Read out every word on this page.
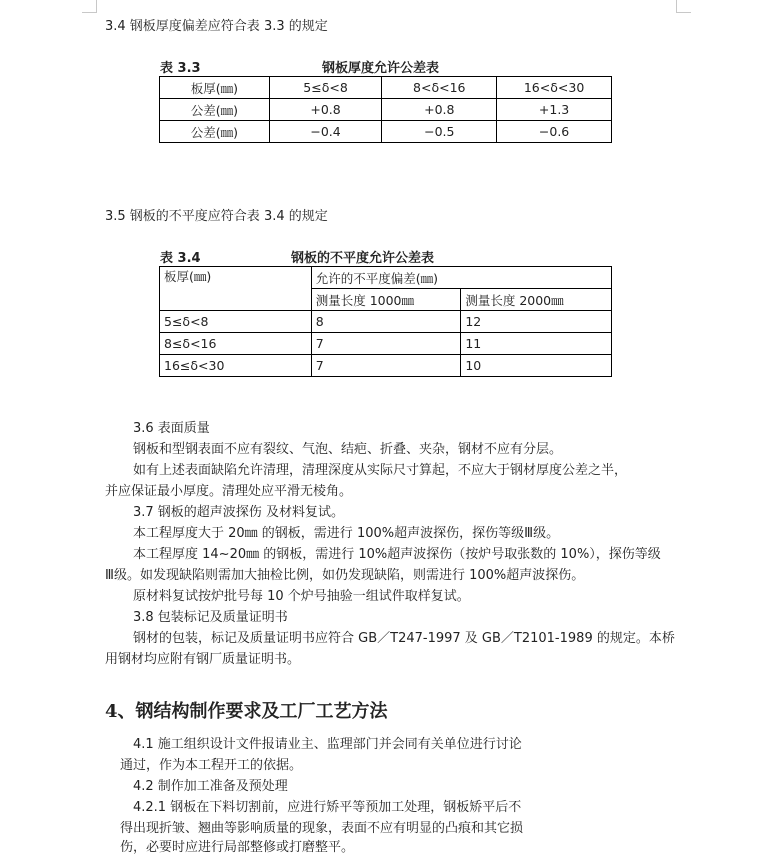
3.4 钢板厚度偏差应符合表 3.3 的规定
表 3.3	钢板厚度允许公差表
板厚(㎜)	5≤δ<8	8<δ<16	16<δ<30
公差(㎜)	+0.8	+0.8	+1.3
公差(㎜)	−0.4	−0.5	−0.6
3.5 钢板的不平度应符合表 3.4 的规定
表 3.4	钢板的不平度允许公差表
板厚(㎜)	允许的不平度偏差(㎜)	
	测量长度 1000㎜	测量长度 2000㎜
5≤δ<8	8	12
8≤δ<16	7	11
16≤δ<30	7	10
3.6 表面质量
钢板和型钢表面不应有裂纹、气泡、结疤、折叠、夹杂，钢材不应有分层。
如有上述表面缺陷允许清理，清理深度从实际尺寸算起，不应大于钢材厚度公差之半，
并应保证最小厚度。清理处应平滑无棱角。
3.7 钢板的超声波探伤 及材料复试。
本工程厚度大于 20㎜ 的钢板，需进行 100%超声波探伤，探伤等级Ⅲ级。
本工程厚度 14~20㎜ 的钢板，需进行 10%超声波探伤（按炉号取张数的 10%），探伤等级
Ⅲ级。如发现缺陷则需加大抽检比例，如仍发现缺陷，则需进行 100%超声波探伤。
原材料复试按炉批号每 10 个炉号抽验一组试件取样复试。
3.8 包装标记及质量证明书
钢材的包装，标记及质量证明书应符合 GB／T247-1997 及 GB／T2101-1989 的规定。本桥
用钢材均应附有钢厂质量证明书。
4、钢结构制作要求及工厂工艺方法
4.1 施工组织设计文件报请业主、监理部门并会同有关单位进行讨论
通过，作为本工程开工的依据。
4.2 制作加工准备及预处理
4.2.1 钢板在下料切割前，应进行矫平等预加工处理，钢板矫平后不
得出现折皱、翘曲等影响质量的现象，表面不应有明显的凸痕和其它损
伤，必要时应进行局部整修或打磨整平。
